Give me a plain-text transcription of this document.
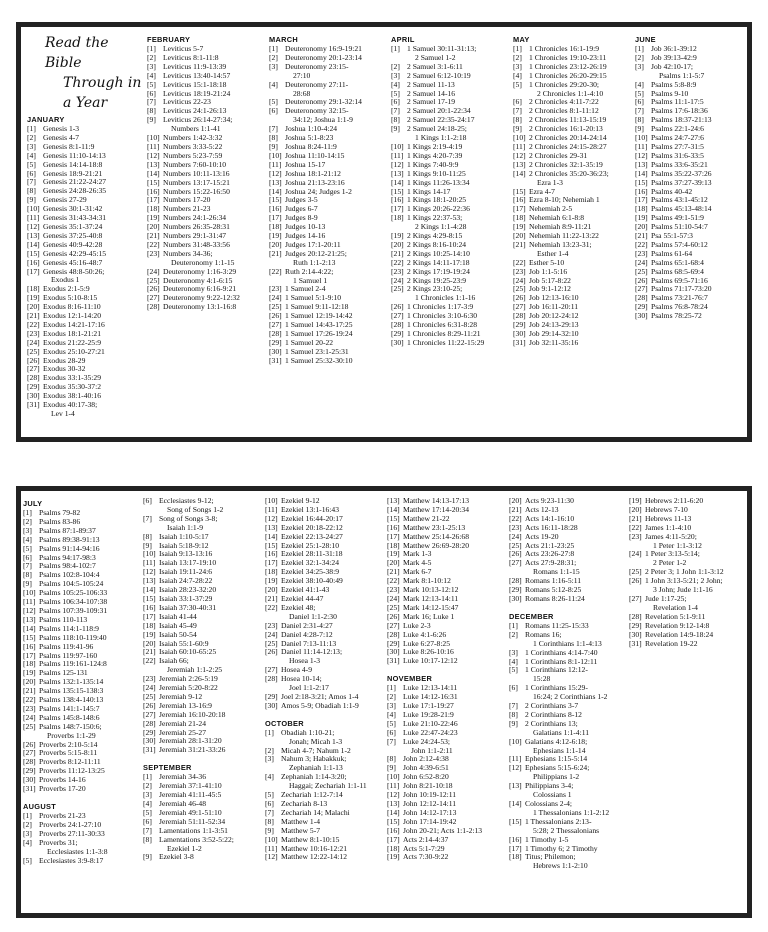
Read the Bible
Through in a Year
JANUARY
[1] Genesis 1-3
[2] Genesis 4-7
[3] Genesis 8:1-11:9
[4] Genesis 11:10-14:13
[5] Genesis 14:14-18:8
[6] Genesis 18:9-21:21
[7] Genesis 21:22-24:27
[8] Genesis 24:28-26:35
[9] Genesis 27-29
[10] Genesis 30:1-31:42
[11] Genesis 31:43-34:31
[12] Genesis 35:1-37:24
[13] Genesis 37:25-40:8
[14] Genesis 40:9-42:28
[15] Genesis 42:29-45:15
[16] Genesis 45:16-48:7
[17] Genesis 48:8-50:26;
Exodus 1
[18] Exodus 2:1-5:9
[19] Exodus 5:10-8:15
[20] Exodus 8:16-11:10
[21] Exodus 12:1-14:20
[22] Exodus 14:21-17:16
[23] Exodus 18:1-21:21
[24] Exodus 21:22-25:9
[25] Exodus 25:10-27:21
[26] Exodus 28-29
[27] Exodus 30-32
[28] Exodus 33:1-35:29
[29] Exodus 35:30-37:2
[30] Exodus 38:1-40:16
[31] Exodus 40:17-38;
Lev 1-4
FEBRUARY
[1] Leviticus 5-7
[2] Leviticus 8:1-11:8
[3] Leviticus 11:9-13:39
[4] Leviticus 13:40-14:57
[5] Leviticus 15:1-18:18
[6] Leviticus 18:19-21:24
[7] Leviticus 22-23
[8] Leviticus 24:1-26:13
[9] Leviticus 26:14-27:34;
Numbers 1:1-41
[10] Numbers 1:42-3:32
[11] Numbers 3:33-5:22
[12] Numbers 5:23-7:59
[13] Numbers 7:60-10:10
[14] Numbers 10:11-13:16
[15] Numbers 13:17-15:21
[16] Numbers 15:22-16:50
[17] Numbers 17-20
[18] Numbers 21-23
[19] Numbers 24:1-26:34
[20] Numbers 26:35-28:31
[21] Numbers 29:1-31:47
[22] Numbers 31:48-33:56
[23] Numbers 34-36;
Deuteronomy 1:1-15
[24] Deuteronomy 1:16-3:29
[25] Deuteronomy 4:1-6:15
[26] Deuteronomy 6:16-9:21
[27] Deuteronomy 9:22-12:32
[28] Deuteronomy 13:1-16:8
MARCH
[1] Deuteronomy 16:9-19:21
[2] Deuteronomy 20:1-23:14
[3] Deuteronomy 23:15-
27:10
[4] Deuteronomy 27:11-
28:68
[5] Deuteronomy 29:1-32:14
[6] Deuteronomy 32:15-
34:12; Joshua 1:1-9
[7] Joshua 1:10-4:24
[8] Joshua 5:1-8:23
[9] Joshua 8:24-11:9
[10] Joshua 11:10-14:15
[11] Joshua 15-17
[12] Joshua 18:1-21:12
[13] Joshua 21:13-23:16
[14] Joshua 24; Judges 1-2
[15] Judges 3-5
[16] Judges 6-7
[17] Judges 8-9
[18] Judges 10-13
[19] Judges 14-16
[20] Judges 17:1-20:11
[21] Judges 20:12-21:25;
Ruth 1:1-2:13
[22] Ruth 2:14-4:22;
1 Samuel 1
[23] 1 Samuel 2-4
[24] 1 Samuel 5:1-9:10
[25] 1 Samuel 9:11-12:18
[26] 1 Samuel 12:19-14:42
[27] 1 Samuel 14:43-17:25
[28] 1 Samuel 17:26-19:24
[29] 1 Samuel 20-22
[30] 1 Samuel 23:1-25:31
[31] 1 Samuel 25:32-30:10
APRIL
[1] 1 Samuel 30:11-31:13;
2 Samuel 1-2
[2] 2 Samuel 3:1-6:11
[3] 2 Samuel 6:12-10:19
[4] 2 Samuel 11-13
[5] 2 Samuel 14-16
[6] 2 Samuel 17-19
[7] 2 Samuel 20:1-22:34
[8] 2 Samuel 22:35-24:17
[9] 2 Samuel 24:18-25;
1 Kings 1:1-2:18
[10] 1 Kings 2:19-4:19
[11] 1 Kings 4:20-7:39
[12] 1 Kings 7:40-9:9
[13] 1 Kings 9:10-11:25
[14] 1 Kings 11:26-13:34
[15] 1 Kings 14-17
[16] 1 Kings 18:1-20:25
[17] 1 Kings 20:26-22:36
[18] 1 Kings 22:37-53;
2 Kings 1:1-4:28
[19] 2 Kings 4:29-8:15
[20] 2 Kings 8:16-10:24
[21] 2 Kings 10:25-14:10
[22] 2 Kings 14:11-17:18
[23] 2 Kings 17:19-19:24
[24] 2 Kings 19:25-23:9
[25] 2 Kings 23:10-25;
1 Chronicles 1:1-16
[26] 1 Chronicles 1:17-3:9
[27] 1 Chronicles 3:10-6:30
[28] 1 Chronicles 6:31-8:28
[29] 1 Chronicles 8:29-11:21
[30] 1 Chronicles 11:22-15:29
MAY
[1] 1 Chronicles 16:1-19:9
[2] 1 Chronicles 19:10-23:11
[3] 1 Chronicles 23:12-26:19
[4] 1 Chronicles 26:20-29:15
[5] 1 Chronicles 29:20-30;
2 Chronicles 1:1-4:10
[6] 2 Chronicles 4:11-7:22
[7] 2 Chronicles 8:1-11:12
[8] 2 Chronicles 11:13-15:19
[9] 2 Chronicles 16:1-20:13
[10] 2 Chronicles 20:14-24:14
[11] 2 Chronicles 24:15-28:27
[12] 2 Chronicles 29-31
[13] 2 Chronicles 32:1-35:19
[14] 2 Chronicles 35:20-36:23;
Ezra 1-3
[15] Ezra 4-7
[16] Ezra 8-10; Nehemiah 1
[17] Nehemiah 2-5
[18] Nehemiah 6:1-8:8
[19] Nehemiah 8:9-11:21
[20] Nehemiah 11:22-13:22
[21] Nehemiah 13:23-31;
Esther 1-4
[22] Esther 5-10
[23] Job 1:1-5:16
[24] Job 5:17-8:22
[25] Job 9:1-12:12
[26] Job 12:13-16:10
[27] Job 16:11-20:11
[28] Job 20:12-24:12
[29] Job 24:13-29:13
[30] Job 29:14-32:10
[31] Job 32:11-35:16
JUNE
[1] Job 36:1-39:12
[2] Job 39:13-42:9
[3] Job 42:10-17;
Psalms 1:1-5:7
[4] Psalms 5:8-8:9
[5] Psalms 9-10
[6] Psalms 11:1-17:5
[7] Psalms 17:6-18:36
[8] Psalms 18:37-21:13
[9] Psalms 22:1-24:6
[10] Psalms 24:7-27:6
[11] Psalms 27:7-31:5
[12] Psalms 31:6-33:5
[13] Psalms 33:6-35:21
[14] Psalms 35:22-37:26
[15] Psalms 37:27-39:13
[16] Psalms 40-42
[17] Psalms 43:1-45:12
[18] Psalms 45:13-48:14
[19] Psalms 49:1-51:9
[20] Psalms 51:10-54:7
[21] Psa 55:1-57:3
[22] Psalms 57:4-60:12
[23] Psalms 61-64
[24] Psalms 65:1-68:4
[25] Psalms 68:5-69:4
[26] Psalms 69:5-71:16
[27] Psalms 71:17-73:20
[28] Psalms 73:21-76:7
[29] Psalms 76:8-78:24
[30] Psalms 78:25-72
JULY
[1] Psalms 79-82
[2] Psalms 83-86
[3] Psalms 87:1-89:37
[4] Psalms 89:38-91:13
[5] Psalms 91:14-94:16
[6] Psalms 94:17-98:3
[7] Psalms 98:4-102:7
[8] Psalms 102:8-104:4
[9] Psalms 104:5-105:24
[10] Psalms 105:25-106:33
[11] Psalms 106:34-107:38
[12] Psalms 107:39-109:31
[13] Psalms 110-113
[14] Psalms 114:1-118:9
[15] Psalms 118:10-119:40
[16] Psalms 119:41-96
[17] Psalms 119:97-160
[18] Psalms 119:161-124:8
[19] Psalms 125-131
[20] Psalms 132:1-135:14
[21] Psalms 135:15-138:3
[22] Psalms 138:4-140:13
[23] Psalms 141:1-145:7
[24] Psalms 145:8-148:6
[25] Psalms 148:7-150:6;
Proverbs 1:1-29
[26] Proverbs 2:10-5:14
[27] Proverbs 5:15-8:11
[28] Proverbs 8:12-11:11
[29] Proverbs 11:12-13:25
[30] Proverbs 14-16
[31] Proverbs 17-20
AUGUST
[1] Proverbs 21-23
[2] Proverbs 24:1-27:10
[3] Proverbs 27:11-30:33
[4] Proverbs 31;
Ecclesiastes 1:1-3:8
[5] Ecclesiastes 3:9-8:17
[6] Ecclesiastes 9-12;
Song of Songs 1-2
[7] Song of Songs 3-8;
Isaiah 1:1-9
[8] Isaiah 1:10-5:17
[9] Isaiah 5:18-9:12
[10] Isaiah 9:13-13:16
[11] Isaiah 13:17-19:10
[12] Isaiah 19:11-24:6
[13] Isaiah 24:7-28:22
[14] Isaiah 28:23-32:20
[15] Isaiah 33:1-37:29
[16] Isaiah 37:30-40:31
[17] Isaiah 41-44
[18] Isaiah 45-49
[19] Isaiah 50-54
[20] Isaiah 55:1-60:9
[21] Isaiah 60:10-65:25
[22] Isaiah 66;
Jeremiah 1:1-2:25
[23] Jeremiah 2:26-5:19
[24] Jeremiah 5:20-8:22
[25] Jeremiah 9-12
[26] Jeremiah 13-16:9
[27] Jeremiah 16:10-20:18
[28] Jeremiah 21-24
[29] Jeremiah 25-27
[30] Jeremiah 28:1-31:20
[31] Jeremiah 31:21-33:26
SEPTEMBER
[1] Jeremiah 34-36
[2] Jeremiah 37:1-41:10
[3] Jeremiah 41:11-45:5
[4] Jeremiah 46-48
[5] Jeremiah 49:1-51:10
[6] Jeremiah 51:11-52:34
[7] Lamentations 1:1-3:51
[8] Lamentations 3:52-5:22;
Ezekiel 1-2
[9] Ezekiel 3-8
[10] Ezekiel 9-12
[11] Ezekiel 13:1-16:43
[12] Ezekiel 16:44-20:17
[13] Ezekiel 20:18-22:12
[14] Ezekiel 22:13-24:27
[15] Ezekiel 25:1-28:10
[16] Ezekiel 28:11-31:18
[17] Ezekiel 32:1-34:24
[18] Ezekiel 34:25-38:9
[19] Ezekiel 38:10-40:49
[20] Ezekiel 41:1-43
[21] Ezekiel 44-47
[22] Ezekiel 48;
Daniel 1:1-2:30
[23] Daniel 2:31-4:27
[24] Daniel 4:28-7:12
[25] Daniel 7:13-11:13
[26] Daniel 11:14-12:13;
Hosea 1-3
[27] Hosea 4-9
[28] Hosea 10-14;
Joel 1:1-2:17
[29] Joel 2:18-3:21; Amos 1-4
[30] Amos 5-9; Obadiah 1:1-9
OCTOBER
[1] Obadiah 1:10-21;
Jonah; Micah 1-3
[2] Micah 4-7; Nahum 1-2
[3] Nahum 3; Habakkuk;
Zephaniah 1:1-13
[4] Zephaniah 1:14-3:20;
Haggai; Zechariah 1:1-11
[5] Zechariah 1:12-7:14
[6] Zechariah 8-13
[7] Zechariah 14; Malachi
[8] Matthew 1-4
[9] Matthew 5-7
[10] Matthew 8:1-10:15
[11] Matthew 10:16-12:21
[12] Matthew 12:22-14:12
[13] Matthew 14:13-17:13
[14] Matthew 17:14-20:34
[15] Matthew 21-22
[16] Matthew 23:1-25:13
[17] Matthew 25:14-26:68
[18] Matthew 26:69-28:20
[19] Mark 1-3
[20] Mark 4-5
[21] Mark 6-7
[22] Mark 8:1-10:12
[23] Mark 10:13-12:12
[24] Mark 12:13-14:11
[25] Mark 14:12-15:47
[26] Mark 16; Luke 1
[27] Luke 2-3
[28] Luke 4:1-6:26
[29] Luke 6:27-8:25
[30] Luke 8:26-10:16
[31] Luke 10:17-12:12
NOVEMBER
[1] Luke 12:13-14:11
[2] Luke 14:12-16:31
[3] Luke 17:1-19:27
[4] Luke 19:28-21:9
[5] Luke 21:10-22:46
[6] Luke 22:47-24:23
[7] Luke 24:24-53;
John 1:1-2:11
[8] John 2:12-4:38
[9] John 4:39-6:51
[10] John 6:52-8:20
[11] John 8:21-10:18
[12] John 10:19-12:11
[13] John 12:12-14:11
[14] John 14:12-17:13
[15] John 17:14-19:42
[16] John 20-21; Acts 1:1-2:13
[17] Acts 2:14-4:37
[18] Acts 5:1-7:29
[19] Acts 7:30-9:22
[20] Acts 9:23-11:30
[21] Acts 12-13
[22] Acts 14:1-16:10
[23] Acts 16:11-18:28
[24] Acts 19-20
[25] Acts 21:1-23:25
[26] Acts 23:26-27:8
[27] Acts 27:9-28:31;
Romans 1:1-15
[28] Romans 1:16-5:11
[29] Romans 5:12-8:25
[30] Romans 8:26-11:24
DECEMBER
[1] Romans 11:25-15:33
[2] Romans 16;
1 Corinthians 1:1-4:13
[3] 1 Corinthians 4:14-7:40
[4] 1 Corinthians 8:1-12:11
[5] 1 Corinthians 12:12-
15:28
[6] 1 Corinthians 15:29-
16:24; 2 Corinthians 1-2
[7] 2 Corinthians 3-7
[8] 2 Corinthians 8-12
[9] 2 Corinthians 13;
Galatians 1:1-4:11
[10] Galatians 4:12-6:18;
Ephesians 1:1-14
[11] Ephesians 1:15-5:14
[12] Ephesians 5:15-6:24;
Philippians 1-2
[13] Philippians 3-4;
Colossians 1
[14] Colossians 2-4;
1 Thessalonians 1:1-2:12
[15] 1 Thessalonians 2:13-
5:28; 2 Thessalonians
[16] 1 Timothy 1-5
[17] 1 Timothy 6; 2 Timothy
[18] Titus; Philemon;
Hebrews 1:1-2:10
[19] Hebrews 2:11-6:20
[20] Hebrews 7-10
[21] Hebrews 11-13
[22] James 1:1-4:10
[23] James 4:11-5:20;
1 Peter 1:1-3:12
[24] 1 Peter 3:13-5:14;
2 Peter 1-2
[25] 2 Peter 3; 1 John 1:1-3:12
[26] 1 John 3:13-5:21; 2 John;
3 John; Jude 1:1-16
[27] Jude 1:17-25;
Revelation 1-4
[28] Revelation 5:1-9:11
[29] Revelation 9:12-14:8
[30] Revelation 14:9-18:24
[31] Revelation 19-22
